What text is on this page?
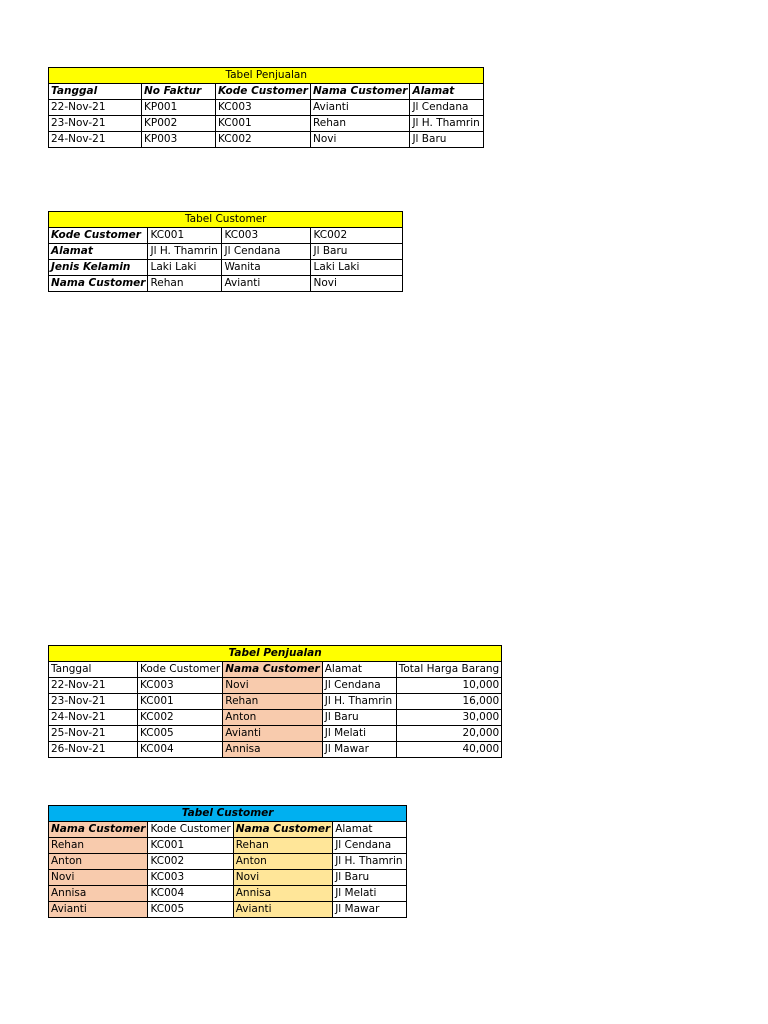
Tabel Penjualan				
Tanggal	No Faktur	Kode Customer	Nama Customer	Alamat
22-Nov-21	KP001	KC003	Avianti	Jl Cendana
23-Nov-21	KP002	KC001	Rehan	Jl H. Thamrin
24-Nov-21	KP003	KC002	Novi	Jl Baru
Tabel Customer			
Kode Customer	KC001	KC003	KC002
Alamat	Jl H. Thamrin	Jl Cendana	Jl Baru
Jenis Kelamin	Laki Laki	Wanita	Laki Laki
Nama Customer	Rehan	Avianti	Novi
Tabel Penjualan				
Tanggal	Kode Customer	Nama Customer	Alamat	Total Harga Barang
22-Nov-21	KC003	Novi	Jl Cendana	10,000
23-Nov-21	KC001	Rehan	Jl H. Thamrin	16,000
24-Nov-21	KC002	Anton	Jl Baru	30,000
25-Nov-21	KC005	Avianti	Jl Melati	20,000
26-Nov-21	KC004	Annisa	Jl Mawar	40,000
Tabel Customer			
Nama Customer	Kode Customer	Nama Customer	Alamat
Rehan	KC001	Rehan	Jl Cendana
Anton	KC002	Anton	Jl H. Thamrin
Novi	KC003	Novi	Jl Baru
Annisa	KC004	Annisa	Jl Melati
Avianti	KC005	Avianti	Jl Mawar
